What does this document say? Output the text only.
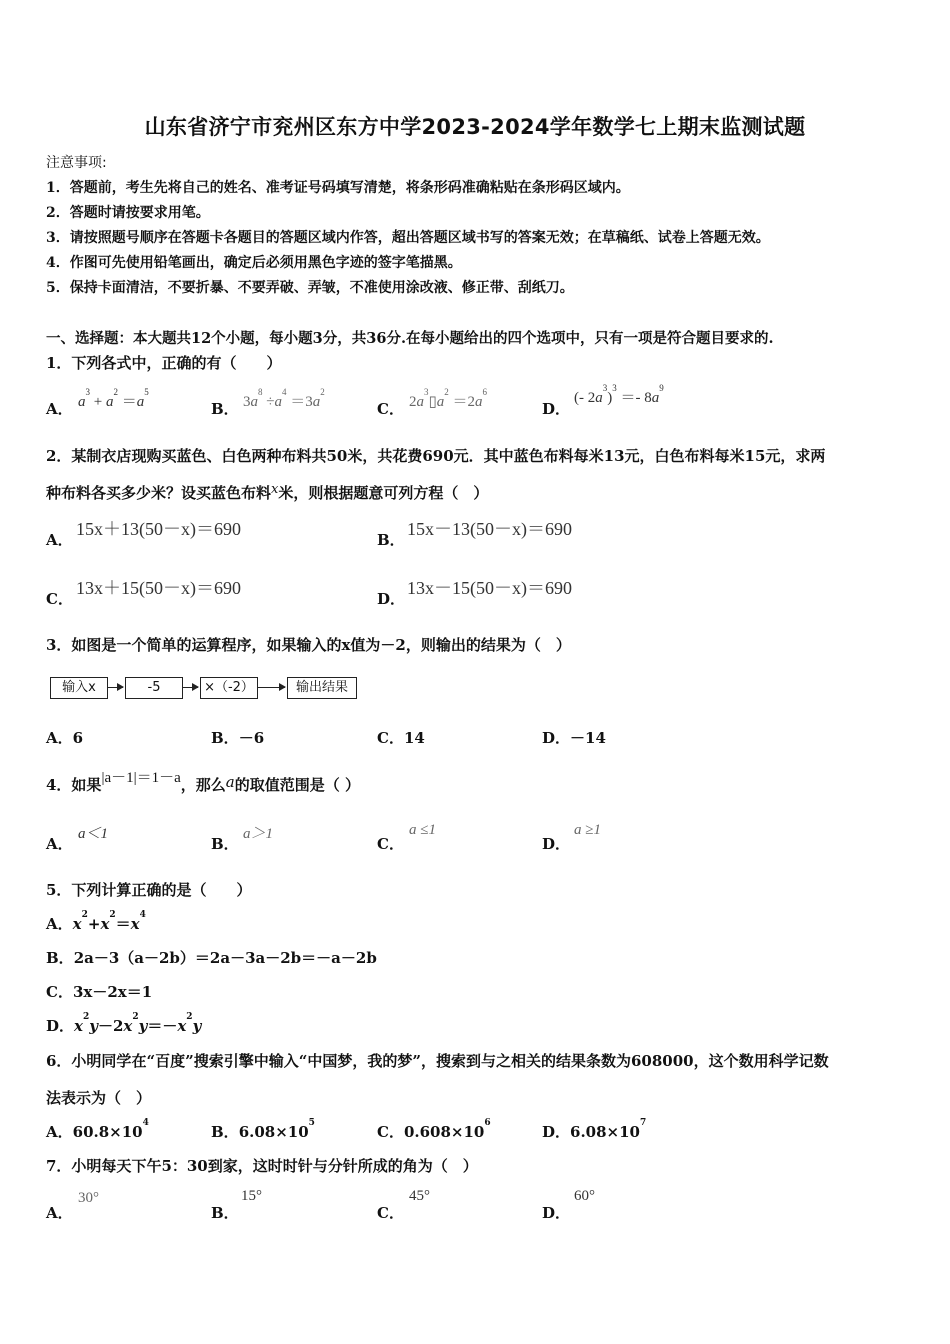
山东省济宁市兖州区东方中学2023-2024学年数学七上期末监测试题
注意事项:
1．答题前，考生先将自己的姓名、准考证号码填写清楚，将条形码准确粘贴在条形码区域内。
2．答题时请按要求用笔。
3．请按照题号顺序在答题卡各题目的答题区域内作答，超出答题区域书写的答案无效；在草稿纸、试卷上答题无效。
4．作图可先使用铅笔画出，确定后必须用黑色字迹的签字笔描黑。
5．保持卡面清洁，不要折暴、不要弄破、弄皱，不准使用涂改液、修正带、刮纸刀。
一、选择题：本大题共12个小题，每小题3分，共36分.在每小题给出的四个选项中，只有一项是符合题目要求的.
1．下列各式中，正确的有（　　）
A． $a^3 + a^2 =a^5$
B． $3a^8 \div a^4 =3a^2$
C． $2a^3▯a^2 =2a^6$
D．
(- $2a^3)^3 =- 8a^9$
2．某制衣店现购买蓝色、白色两种布料共50米，共花费690元．其中蓝色布料每米13元，白色布料每米15元，求两
种布料各买多少米？设买蓝色布料x米，则根据题意可列方程（　）
A．
15x＋13(50－x)＝690
B．
15x－13(50－x)＝690
C．
13x＋15(50－x)＝690
D．
13x－15(50－x)＝690
3．如图是一个简单的运算程序，如果输入的x值为－2，则输出的结果为（　）
输入x	-5	×（-2）	输出结果
A．6	B．－6	C．14	D．－14
4．如果|a－1|＝1－a，那么a的取值范围是（ ）
A．
a＜1
B．
a＞1
C．
a ≤1
D．
a ≥1
5．下列计算正确的是（　　）
A．$x^2+x^2=x^4$
B．2a－3（a－2b）＝2a－3a－2b＝－a－2b
C．3x－2x＝1
D．$x^2y-2x^2y=-x^2y$
6．小明同学在“百度”搜索引擎中输入“中国梦，我的梦”，搜索到与之相关的结果条数为608000，这个数用科学记数
法表示为（　）
A．$60.8\times 10^4$	B．$6.08\times 10^5$	C．$0.608\times 10^6$	D．$6.08\times 10^7$
7．小明每天下午5：30到家，这时时针与分针所成的角为（　）
A．
30°
B．
15°
C．
45°
D．
60°
